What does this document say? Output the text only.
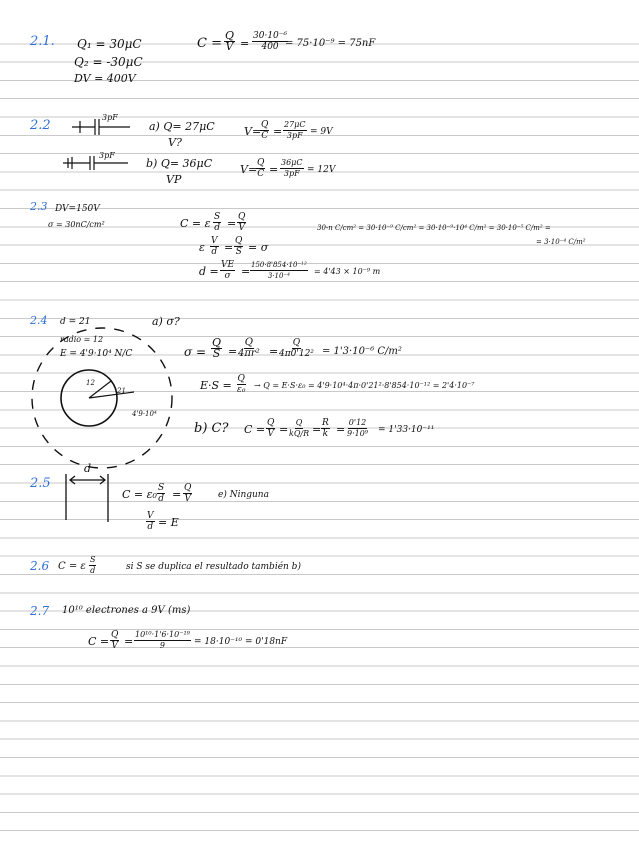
2.1. Q₁ = 30μC
Q₂ = -30μC
DV = 400V
$C = \frac{Q}{V} = \frac{\text{30·10⁻⁶}}{400}$
= 75·10⁻⁹ = 75nF
2.2
3pF
3pF
a) Q= 27μC
V?
V=
$\frac{Q}{C} = \frac{27\mu C}{3pF} = 9V$
b) Q= 36μC
VP
V=
$\frac{Q}{C} = \frac{36\mu C}{3pF} = 12V$
2.3 DV=150V
σ = 30nC/cm²	30-n C/cm² = 30·10⁻⁹ C/cm² = 30·10⁻⁹·10⁴ C/m² = 30·10⁻⁵ C/m² =
= 3·10⁻⁴ C/m²
C = ε $\frac{S}{d} = \frac{Q}{V}$
ε $\frac{V}{d} = \frac{Q}{S} = \sigma$
$d = \frac{VE}{\sigma} = \frac{\text{150·8'854·10⁻¹²}}{\text{3·10⁻⁴}} = 4'43 \times 10^{-9}$ m
2.4 d = 21
radio = 12
E = 4'9·10⁴ N/C
a) σ?
12
21
4'9·10⁴
$\sigma = \frac{Q}{S} = \frac{Q}{\text{4πr²}} = \frac{Q}{\text{4π0'12²}} = 1'3\cdot 10^{-6}$ C/m²
$E\cdot S = \frac{Q}{\text{ε₀}} \to Q = E\cdot S\cdot\varepsilon_0 = 4'9\cdot 10^4\cdot 4\pi\cdot 0'21^2\cdot 8'854\cdot 10^{-12} = 2'4\cdot 10^{-7}$
b) C? $C = \frac{Q}{V} = \frac{Q}{kQ/R} = \frac{R}{k} = \frac{0'12}{\text{9·10⁹}} = 1'33\cdot 10^{-11}$
2.5
d
$C = \varepsilon_0 \frac{S}{d} = \frac{Q}{V}$	e) Ninguna
$\frac{V}{d} = E$
2.6 C = ε $\frac{S}{d}$	si S se duplica el resultado también b)
2.7 10¹⁰ electrones a 9V (ms)
$C = \frac{Q}{V} = \frac{\text{10¹⁰·1'6·10⁻¹⁹}}{9} = 18\cdot 10^{-10} = 0'18nF$
